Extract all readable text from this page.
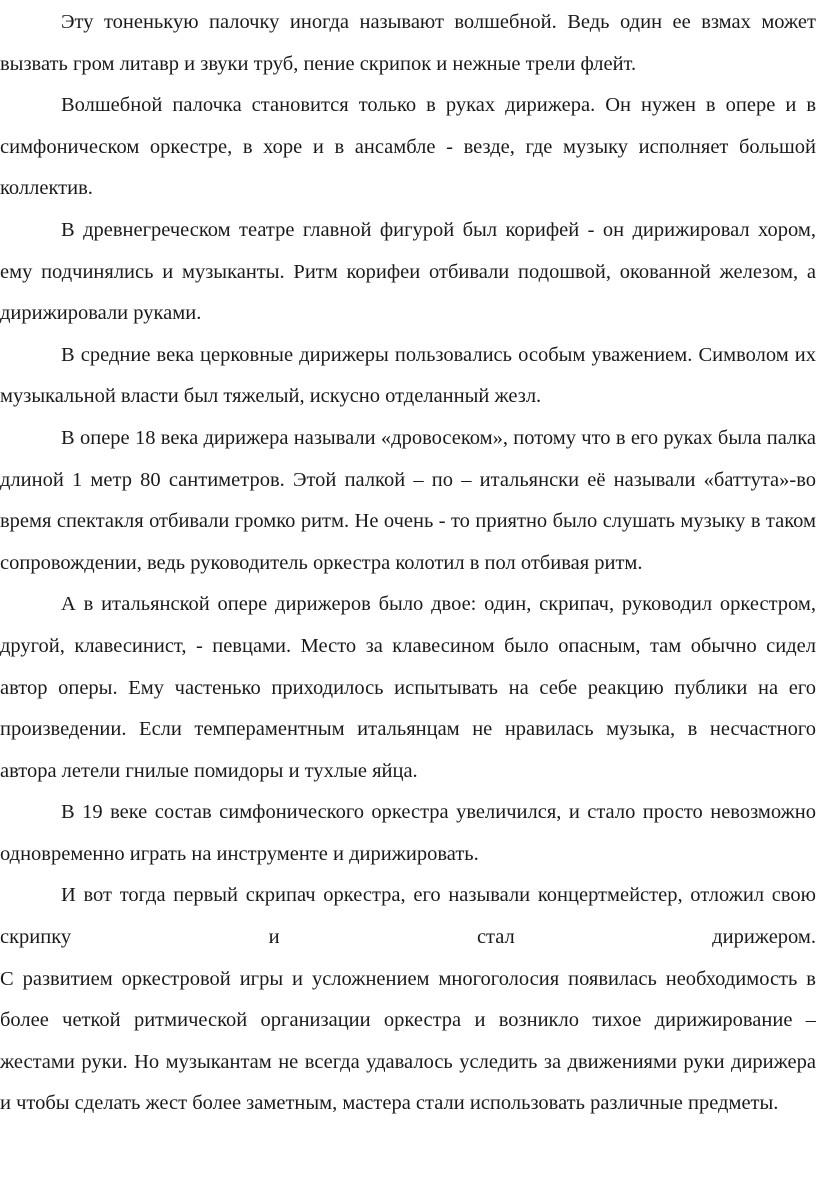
Эту тоненькую палочку иногда называют волшебной. Ведь один ее взмах может вызвать гром литавр и звуки труб, пение скрипок и нежные трели флейт.

Волшебной палочка становится только в руках дирижера. Он нужен в опере и в симфоническом оркестре, в хоре и в ансамбле - везде, где музыку исполняет большой коллектив.

В древнегреческом театре главной фигурой был корифей - он дирижировал хором, ему подчинялись и музыканты. Ритм корифеи отбивали подошвой, окованной железом, а дирижировали руками.

В средние века церковные дирижеры пользовались особым уважением. Символом их музыкальной власти был тяжелый, искусно отделанный жезл.

В опере 18 века дирижера называли «дровосеком», потому что в его руках была палка длиной 1 метр 80 сантиметров. Этой палкой – по – итальянски её называли «баттута»-во время спектакля отбивали громко ритм. Не очень - то приятно было слушать музыку в таком сопровождении, ведь руководитель оркестра колотил в пол отбивая ритм.

А в итальянской опере дирижеров было двое: один, скрипач, руководил оркестром, другой, клавесинист, - певцами. Место за клавесином было опасным, там обычно сидел автор оперы. Ему частенько приходилось испытывать на себе реакцию публики на его произведении. Если темпераментным итальянцам не нравилась музыка, в несчастного автора летели гнилые помидоры и тухлые яйца.

В 19 веке состав симфонического оркестра увеличился, и стало просто невозможно одновременно играть на инструменте и дирижировать.

И вот тогда первый скрипач оркестра, его называли концертмейстер, отложил свою скрипку и стал дирижером.

С развитием оркестровой игры и усложнением многоголосия появилась необходимость в более четкой ритмической организации оркестра и возникло тихое дирижирование – жестами руки. Но музыкантам не всегда удавалось уследить за движениями руки дирижера и чтобы сделать жест более заметным, мастера стали использовать различные предметы.
